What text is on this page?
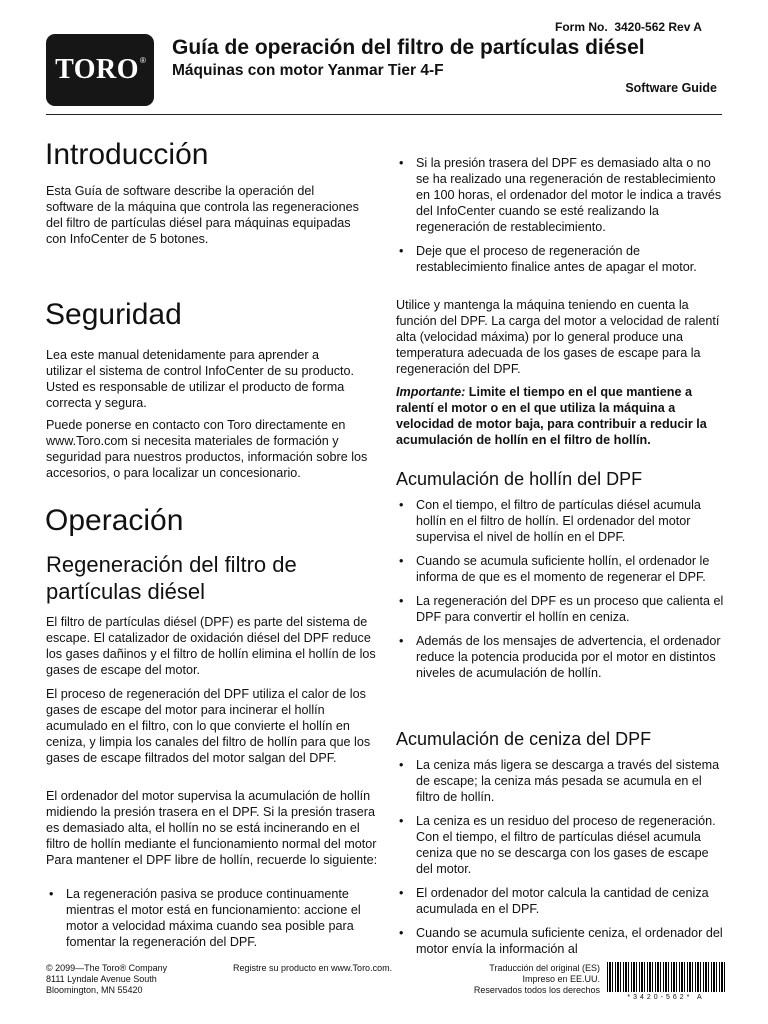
TORO®
Form No.  3420-562 Rev A
Guía de operación del filtro de partículas diésel
Máquinas con motor Yanmar Tier 4-F
Software Guide
Introducción

Esta Guía de software describe la operación del software de la máquina que controla las regeneraciones del filtro de partículas diésel para máquinas equipadas con InfoCenter de 5 botones.

Seguridad

Lea este manual detenidamente para aprender a utilizar el sistema de control InfoCenter de su producto. Usted es responsable de utilizar el producto de forma correcta y segura.

Puede ponerse en contacto con Toro directamente en www.Toro.com si necesita materiales de formación y seguridad para nuestros productos, información sobre los accesorios, o para localizar un concesionario.

Operación
Regeneración del filtro de partículas diésel

El filtro de partículas diésel (DPF) es parte del sistema de escape. El catalizador de oxidación diésel del DPF reduce los gases dañinos y el filtro de hollín elimina el hollín de los gases de escape del motor.

El proceso de regeneración del DPF utiliza el calor de los gases de escape del motor para incinerar el hollín acumulado en el filtro, con lo que convierte el hollín en ceniza, y limpia los canales del filtro de hollín para que los gases de escape filtrados del motor salgan del DPF.

El ordenador del motor supervisa la acumulación de hollín midiendo la presión trasera en el DPF. Si la presión trasera es demasiado alta, el hollín no se está incinerando en el filtro de hollín mediante el funcionamiento normal del motor Para mantener el DPF libre de hollín, recuerde lo siguiente:

• La regeneración pasiva se produce continuamente mientras el motor está en funcionamiento: accione el motor a velocidad máxima cuando sea posible para fomentar la regeneración del DPF.
• Si la presión trasera del DPF es demasiado alta o no se ha realizado una regeneración de restablecimiento en 100 horas, el ordenador del motor le indica a través del InfoCenter cuando se esté realizando la regeneración de restablecimiento.
• Deje que el proceso de regeneración de restablecimiento finalice antes de apagar el motor.

Utilice y mantenga la máquina teniendo en cuenta la función del DPF. La carga del motor a velocidad de ralentí alta (velocidad máxima) por lo general produce una temperatura adecuada de los gases de escape para la regeneración del DPF.

Importante: Limite el tiempo en el que mantiene a ralentí el motor o en el que utiliza la máquina a velocidad de motor baja, para contribuir a reducir la acumulación de hollín en el filtro de hollín.

Acumulación de hollín del DPF
• Con el tiempo, el filtro de partículas diésel acumula hollín en el filtro de hollín. El ordenador del motor supervisa el nivel de hollín en el DPF.
• Cuando se acumula suficiente hollín, el ordenador le informa de que es el momento de regenerar el DPF.
• La regeneración del DPF es un proceso que calienta el DPF para convertir el hollín en ceniza.
• Además de los mensajes de advertencia, el ordenador reduce la potencia producida por el motor en distintos niveles de acumulación de hollín.
Acumulación de ceniza del DPF
• La ceniza más ligera se descarga a través del sistema de escape; la ceniza más pesada se acumula en el filtro de hollín.
• La ceniza es un residuo del proceso de regeneración. Con el tiempo, el filtro de partículas diésel acumula ceniza que no se descarga con los gases de escape del motor.
• El ordenador del motor calcula la cantidad de ceniza acumulada en el DPF.
• Cuando se acumula suficiente ceniza, el ordenador del motor envía la información al
© 2099—The Toro® Company
8111 Lyndale Avenue South
Bloomington, MN 55420
Registre su producto en www.Toro.com.	Traducción del original (ES)
Impreso en EE.UU.
Reservados todos los derechos
*3420-562* A
